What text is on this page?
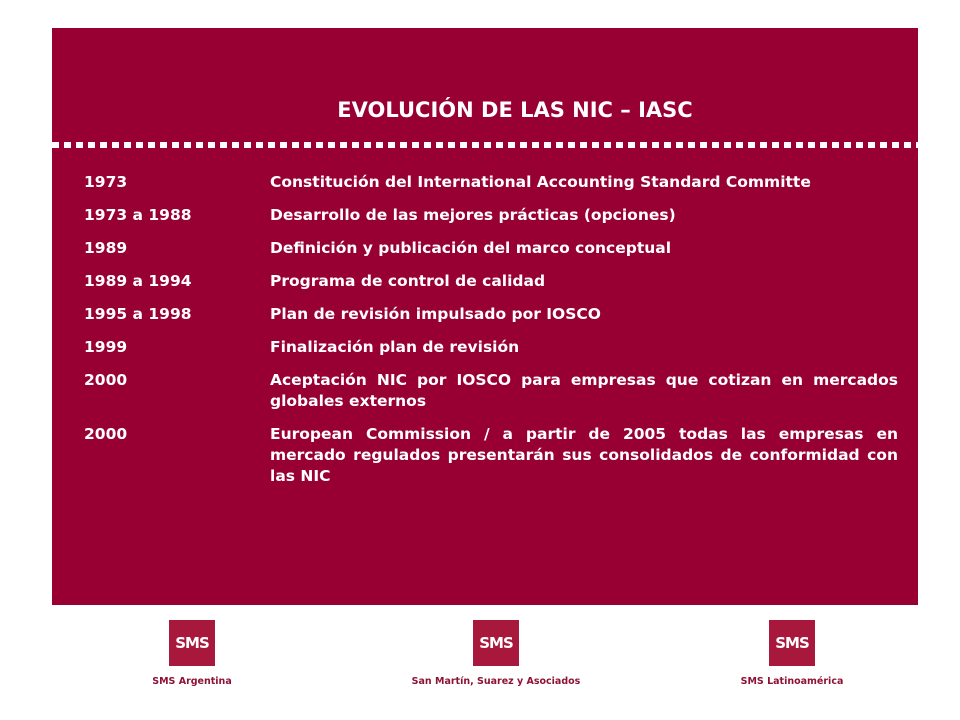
EVOLUCIÓN DE LAS NIC – IASC
1973	Constitución del International Accounting Standard Committe
1973 a 1988	Desarrollo de las mejores prácticas (opciones)
1989	Definición y publicación del marco conceptual
1989 a 1994	Programa de control de calidad
1995 a 1998	Plan de revisión impulsado por IOSCO
1999	Finalización plan de revisión
2000	Aceptación NIC por IOSCO para empresas que cotizan en mercados globales externos
2000	European Commission / a partir de 2005 todas las empresas en mercado regulados presentarán sus consolidados de conformidad con las NIC
SMS
SMS Argentina
SMS
San Martín, Suarez y Asociados
SMS
SMS Latinoamérica
